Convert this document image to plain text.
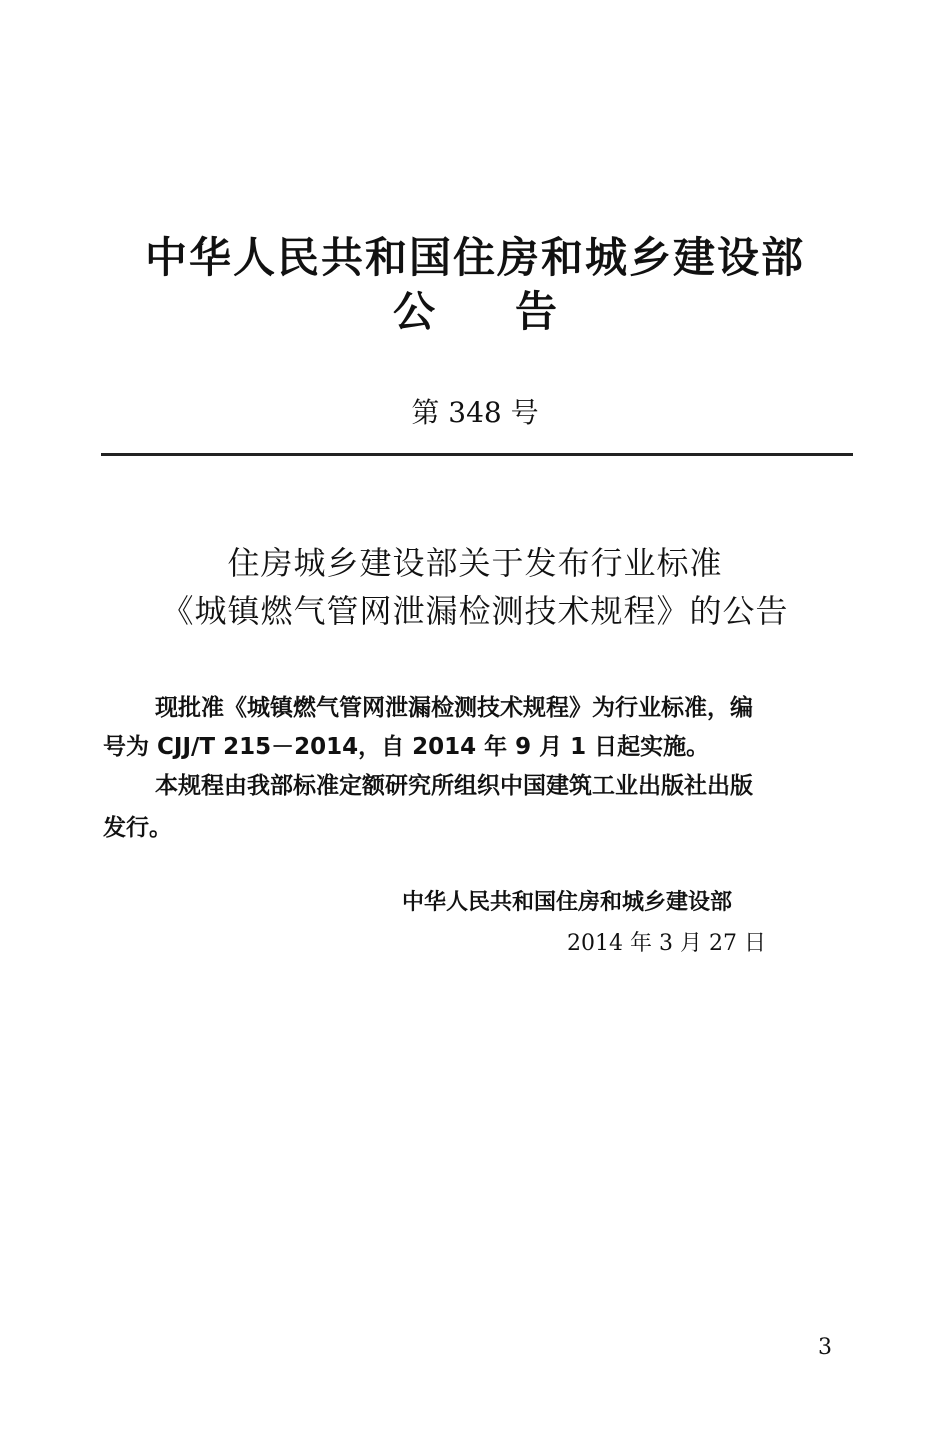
中华人民共和国住房和城乡建设部
公 告
第 348 号
住房城乡建设部关于发布行业标准
《城镇燃气管网泄漏检测技术规程》的公告
现批准《城镇燃气管网泄漏检测技术规程》为行业标准，编
号为 CJJ/T 215－2014，自 2014 年 9 月 1 日起实施。
本规程由我部标准定额研究所组织中国建筑工业出版社出版
发行。
中华人民共和国住房和城乡建设部
2014 年 3 月 27 日
3
